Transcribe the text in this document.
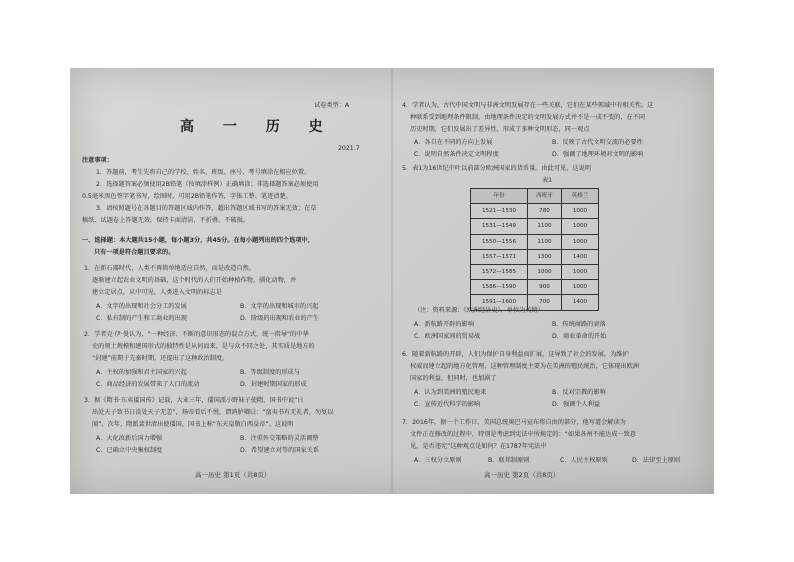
试卷类型：A
高 一 历 史
2021.7
注意事项：
1．答题前，考生先将自己的学校、姓名、班级、座号、考号填涂在相应位置。
2．选择题答案必须使用2B铅笔（按填涂样例）正确填涂；非选择题答案必须使用
0.5毫米黑色签字笔书写，绘图时，可用2B铅笔作答，字体工整、笔迹清楚。
3．请按照题号在各题目的答题区域内作答，超出答题区域书写的答案无效；在草
稿纸、试题卷上答题无效。保持卡面清洁，不折叠、不破损。
一、选择题：本大题共15小题，每小题3分，共45分。在每小题列出的四个选项中，
只有一项是符合题目要求的。
1．在新石器时代，人类不再简单地适应自然，而是改造自然。
逐渐建立起农业文明的基础，这个时代的人们开始种植作物，驯化动物，并
建立定居点，从中可见，人类进入文明的标志是
A．文字的出现和社会分工的发展	B．文字的出现和城市的兴起
C．私有制的产生和工商业的出现	D．阶级的出现和农业的产生
2．学者克·伊·曼认为，“一种经济、不断的意识形态的混合方式，统一指导”的中华
史的领土规模和建国形式的独特性是从何而来，是与众不同之处，其实质是地方的
“封建”前期于先秦时期，还提出了这种政治制度。
A．主权的加强和君主国家的兴起	B．等级制度的形成与
C．商品经济的发展带来了人口的流动	D．封建时期国家的形成
3．据《隋书·东夷倭国传》记载，大业三年，倭国派小野妹子使隋，国书中说“日
出处天子致书日没处天子无恙”，炀帝看后不悦，谓鸿胪卿曰：“蛮夷书有无礼者，勿复以
闻”。次年，隋派裴世清出使倭国，国书上称“东天皇敬白西皇帝”。这说明
A．大化改新后国力增强	B．注重外交策略的灵活调整
C．已确立中央集权制度	D．希望建立对等的国家关系
高一历史 第1页（共8页）
4．学者认为，古代中国文明与非洲文明发展存在一些关联，它们在某些领域中有相关性。这
种联系受到地理条件限制，由地理条件决定的文明发展方式并不是一成不变的，在不同
历史时期，它们发展出了差异性，形成了多种文明形态，同一观点
A．各自在不同的方向上发展	B．反映了古代文明交流的必要性
C．说明自然条件决定文明程度	D．强调了地理环境对文明的影响
5．表1为16世纪中叶以前部分欧洲国家的货币量。由此可见，这说明
表1
年份	西班牙	英格兰
1521—1530	780	1000
1531—1549	1100	1000
1550—1556	1100	1000
1557—1571	1300	1400
1572—1585	1000	1000
1586—1590	900	1000
1591—1600	700	1400
（注：资料来源：《欧洲经济史》，单位为英镑）
A．新航路开辟的影响	B．传统商路的衰落
C．欧洲国家间的贸易战	D．商业革命的开始
6．随着新航路的开辟，人们为保护自身利益而扩展，这导致了社会的发展，为维护
权威而建立起的地方化管理，这种管理制度主要为在美洲的殖民统治，它体现出欧洲
国家的利益，但同时，也加剧了
A．认为到美洲的殖民地来	B．反对宗教的影响
C．宣传近代科学的影响	D．强调个人利益
7．2016年，据一个工作日，美国总统奥巴马宣布将自由的部分，他写道会解读为
文件正在修改的过程中，特别是考虑到宪法中所规定的：“如果各州不能达成一致意
见，是否违宪”这种观点是如何？在1787年宪法中
A．三权分立原则	B．联邦制原则	C．人民主权原则	D．法律至上原则
高一历史 第2页（共8页）
